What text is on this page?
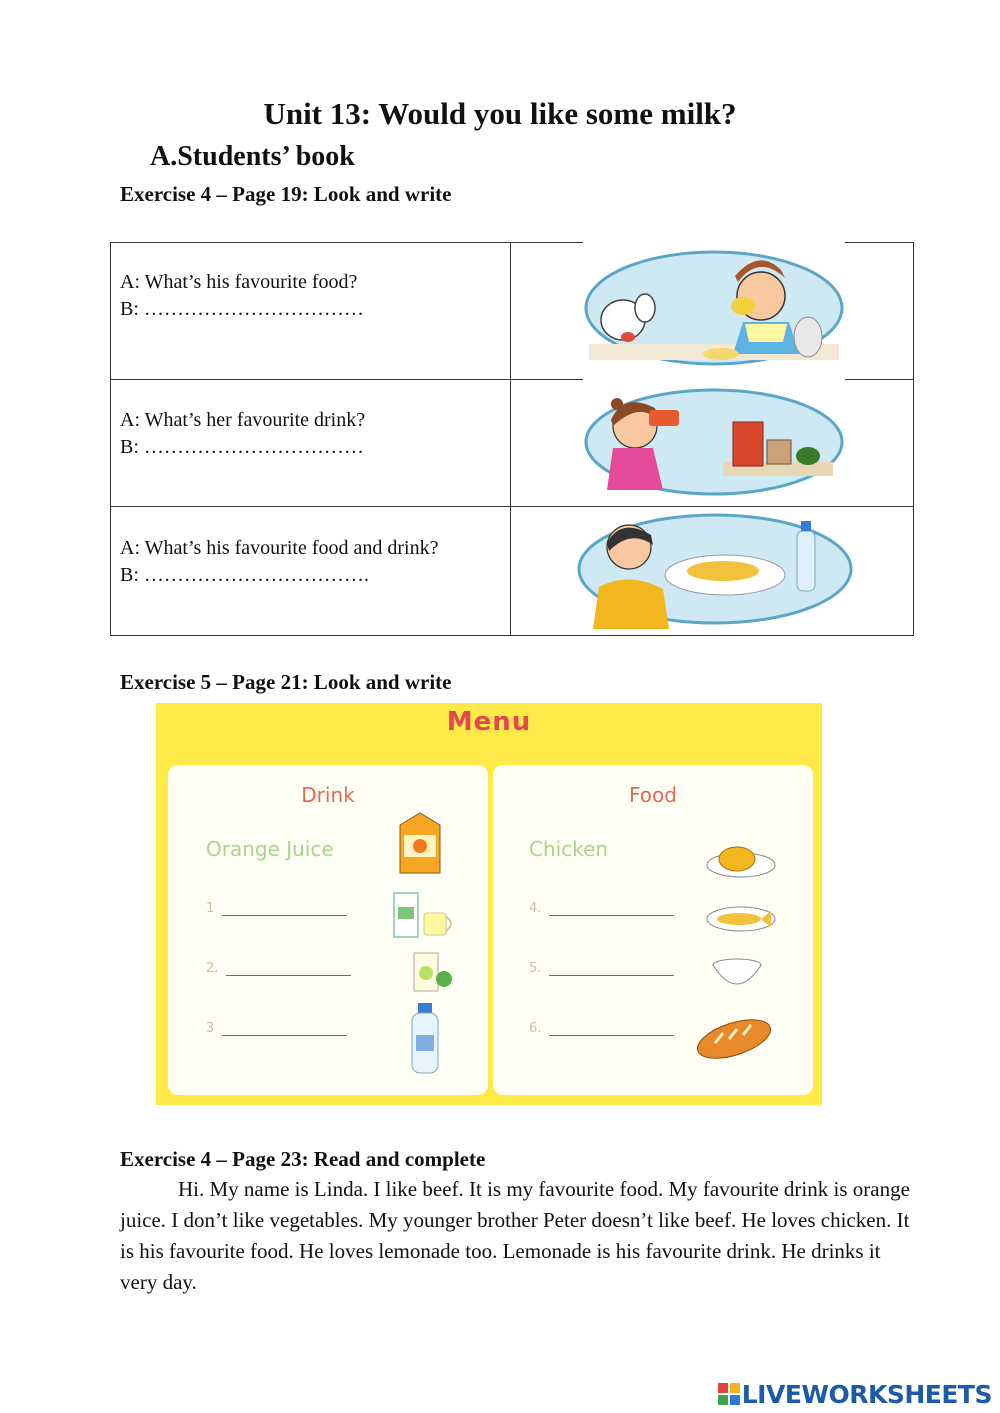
Unit 13: Would you like some milk?
A.Students’ book
Exercise 4 – Page 19: Look and write
A: What’s his favourite food?
B: ……………………………
A: What’s her favourite drink?
B: ……………………………
A: What’s his favourite food and drink?
B: …………………………….
Exercise 5 – Page 21: Look and write
Menu
Drink
Orange Juice
1
2.
3
Food
Chicken
4.
5.
6.
Exercise 4 – Page 23: Read and complete
Hi. My name is Linda. I like beef. It is my favourite food. My favourite drink is orange juice. I don’t like vegetables. My younger brother Peter doesn’t like beef. He loves chicken. It is his favourite food. He loves lemonade too. Lemonade is his favourite drink. He drinks it very day.
LIVEWORKSHEETS
